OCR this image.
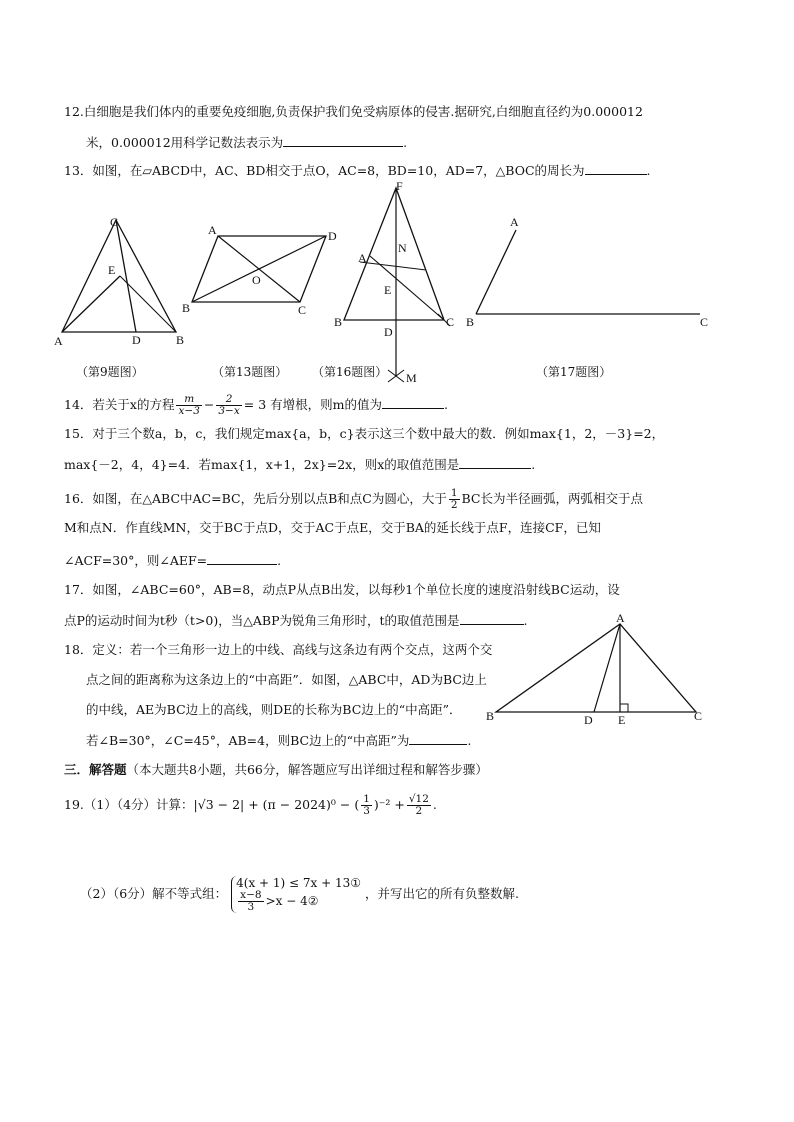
12.白细胞是我们体内的重要免疫细胞,负责保护我们免受病原体的侵害.据研究,白细胞直径约为0.000012
米，0.000012用科学记数法表示为	.
13．如图，在▱ABCD中，AC、BD相交于点O，AC=8，BD=10，AD=7，△BOC的周长为	.
C
E
A	D	B
A	D
O
B	C
F
N
A
E
B
D
C
M
A
B	C
（第9题图）	（第13题图） （第16题图）	（第17题图）
14．若关于x的方程 $\frac{m}{x-3} - \frac{2}{3-x} = 3$ 有增根，则m的值为	.
15．对于三个数a，b，c，我们规定max{a，b，c}表示这三个数中最大的数．例如max{1，2，－3}=2，
max{－2，4，4}=4．若max{1，x+1，2x}=2x，则x的取值范围是	.
16．如图，在△ABC中AC=BC，先后分别以点B和点C为圆心，大于 $\frac{1}{2}$ BC长为半径画弧，两弧相交于点
M和点N．作直线MN，交于BC于点D，交于AC于点E，交于BA的延长线于点F，连接CF，已知
∠ACF=30°，则∠AEF=	.
17．如图，∠ABC=60°，AB=8，动点P从点B出发，以每秒1个单位长度的速度沿射线BC运动，设
点P的运动时间为t秒（t>0)，当△ABP为锐角三角形时，t的取值范围是	.
18．定义：若一个三角形一边上的中线、高线与这条边有两个交点，这两个交
点之间的距离称为这条边上的“中高距”．如图，△ABC中，AD为BC边上
的中线，AE为BC边上的高线，则DE的长称为BC边上的“中高距”．
若∠B=30°，∠C=45°，AB=4，则BC边上的“中高距”为	.
A
B	D E	C
三．解答题（本大题共8小题，共66分，解答题应写出详细过程和解答步骤）
19.（1）（4分）计算：|√3 − 2| + (π − 2024)⁰ − ( $\frac{1}{3} )^{-2} + \frac{√12}{2}$ .
（2）（6分）解不等式组：
4(x + 1) ≤ 7x + 13①
$\frac{x-8}{3} >x$ − 4②	，并写出它的所有负整数解.
